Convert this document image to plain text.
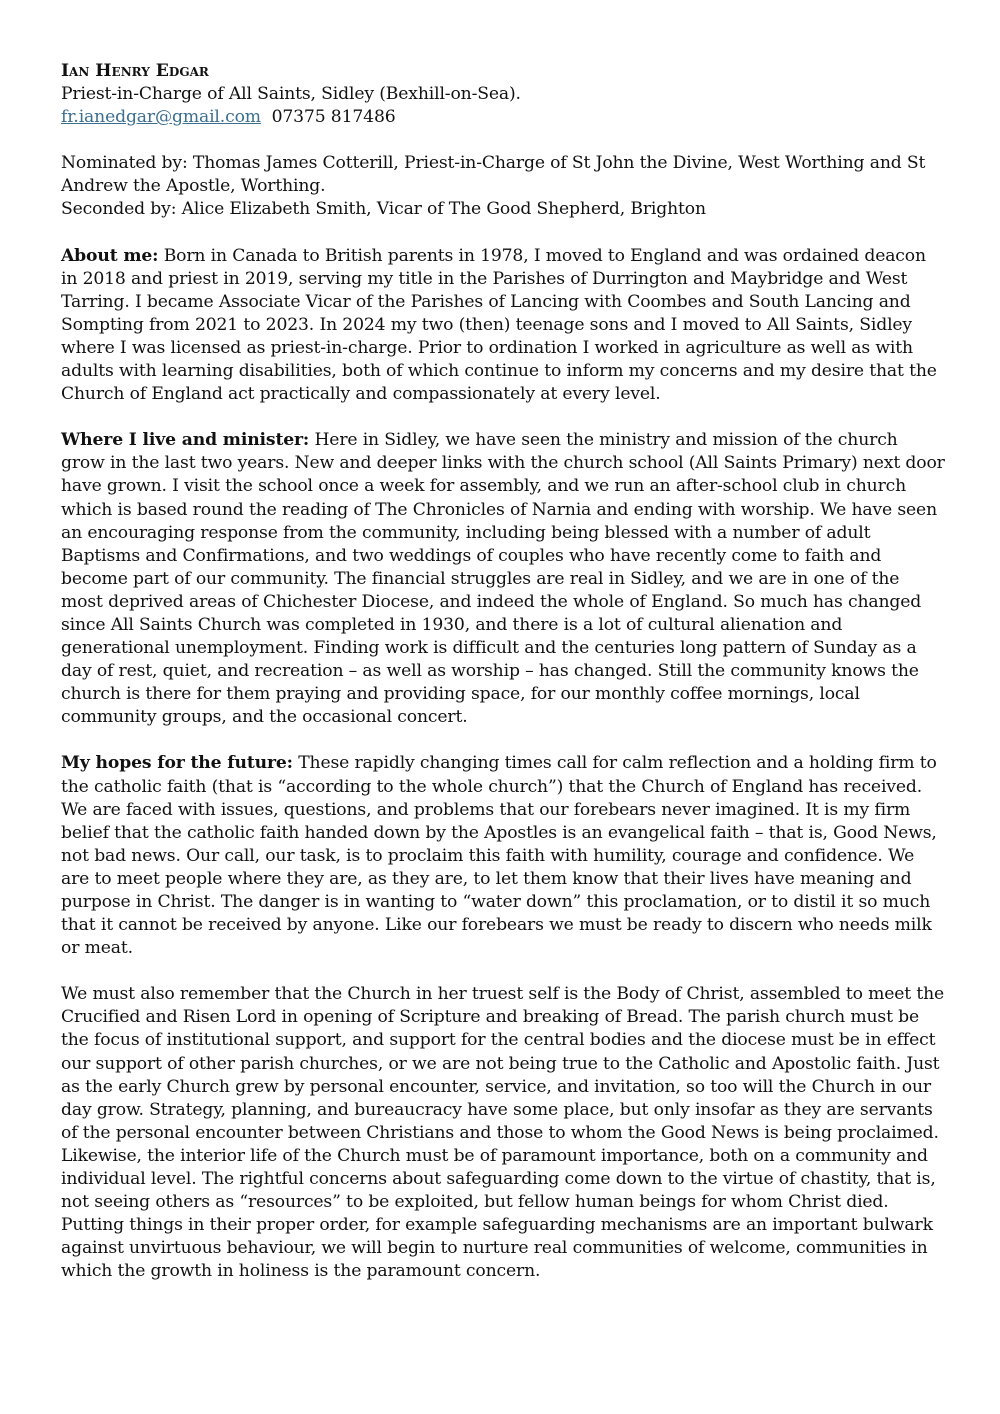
Ian Henry Edgar
Priest-in-Charge of All Saints, Sidley (Bexhill-on-Sea).
fr.ianedgar@gmail.com 07375 817486

Nominated by: Thomas James Cotterill, Priest-in-Charge of St John the Divine, West Worthing and St Andrew the Apostle, Worthing.

Seconded by: Alice Elizabeth Smith, Vicar of The Good Shepherd, Brighton

About me: Born in Canada to British parents in 1978, I moved to England and was ordained deacon in 2018 and priest in 2019, serving my title in the Parishes of Durrington and Maybridge and West Tarring. I became Associate Vicar of the Parishes of Lancing with Coombes and South Lancing and Sompting from 2021 to 2023. In 2024 my two (then) teenage sons and I moved to All Saints, Sidley where I was licensed as priest-in-charge. Prior to ordination I worked in agriculture as well as with adults with learning disabilities, both of which continue to inform my concerns and my desire that the Church of England act practically and compassionately at every level.

Where I live and minister: Here in Sidley, we have seen the ministry and mission of the church grow in the last two years. New and deeper links with the church school (All Saints Primary) next door have grown. I visit the school once a week for assembly, and we run an after-school club in church which is based round the reading of The Chronicles of Narnia and ending with worship. We have seen an encouraging response from the community, including being blessed with a number of adult Baptisms and Confirmations, and two weddings of couples who have recently come to faith and become part of our community. The financial struggles are real in Sidley, and we are in one of the most deprived areas of Chichester Diocese, and indeed the whole of England. So much has changed since All Saints Church was completed in 1930, and there is a lot of cultural alienation and generational unemployment. Finding work is difficult and the centuries long pattern of Sunday as a day of rest, quiet, and recreation – as well as worship – has changed. Still the community knows the church is there for them praying and providing space, for our monthly coffee mornings, local community groups, and the occasional concert.

My hopes for the future: These rapidly changing times call for calm reflection and a holding firm to the catholic faith (that is “according to the whole church”) that the Church of England has received. We are faced with issues, questions, and problems that our forebears never imagined. It is my firm belief that the catholic faith handed down by the Apostles is an evangelical faith – that is, Good News, not bad news. Our call, our task, is to proclaim this faith with humility, courage and confidence. We are to meet people where they are, as they are, to let them know that their lives have meaning and purpose in Christ. The danger is in wanting to “water down” this proclamation, or to distil it so much that it cannot be received by anyone. Like our forebears we must be ready to discern who needs milk or meat.

We must also remember that the Church in her truest self is the Body of Christ, assembled to meet the Crucified and Risen Lord in opening of Scripture and breaking of Bread. The parish church must be the focus of institutional support, and support for the central bodies and the diocese must be in effect our support of other parish churches, or we are not being true to the Catholic and Apostolic faith. Just as the early Church grew by personal encounter, service, and invitation, so too will the Church in our day grow. Strategy, planning, and bureaucracy have some place, but only insofar as they are servants of the personal encounter between Christians and those to whom the Good News is being proclaimed. Likewise, the interior life of the Church must be of paramount importance, both on a community and individual level. The rightful concerns about safeguarding come down to the virtue of chastity, that is, not seeing others as “resources” to be exploited, but fellow human beings for whom Christ died. Putting things in their proper order, for example safeguarding mechanisms are an important bulwark against unvirtuous behaviour, we will begin to nurture real communities of welcome, communities in which the growth in holiness is the paramount concern.
